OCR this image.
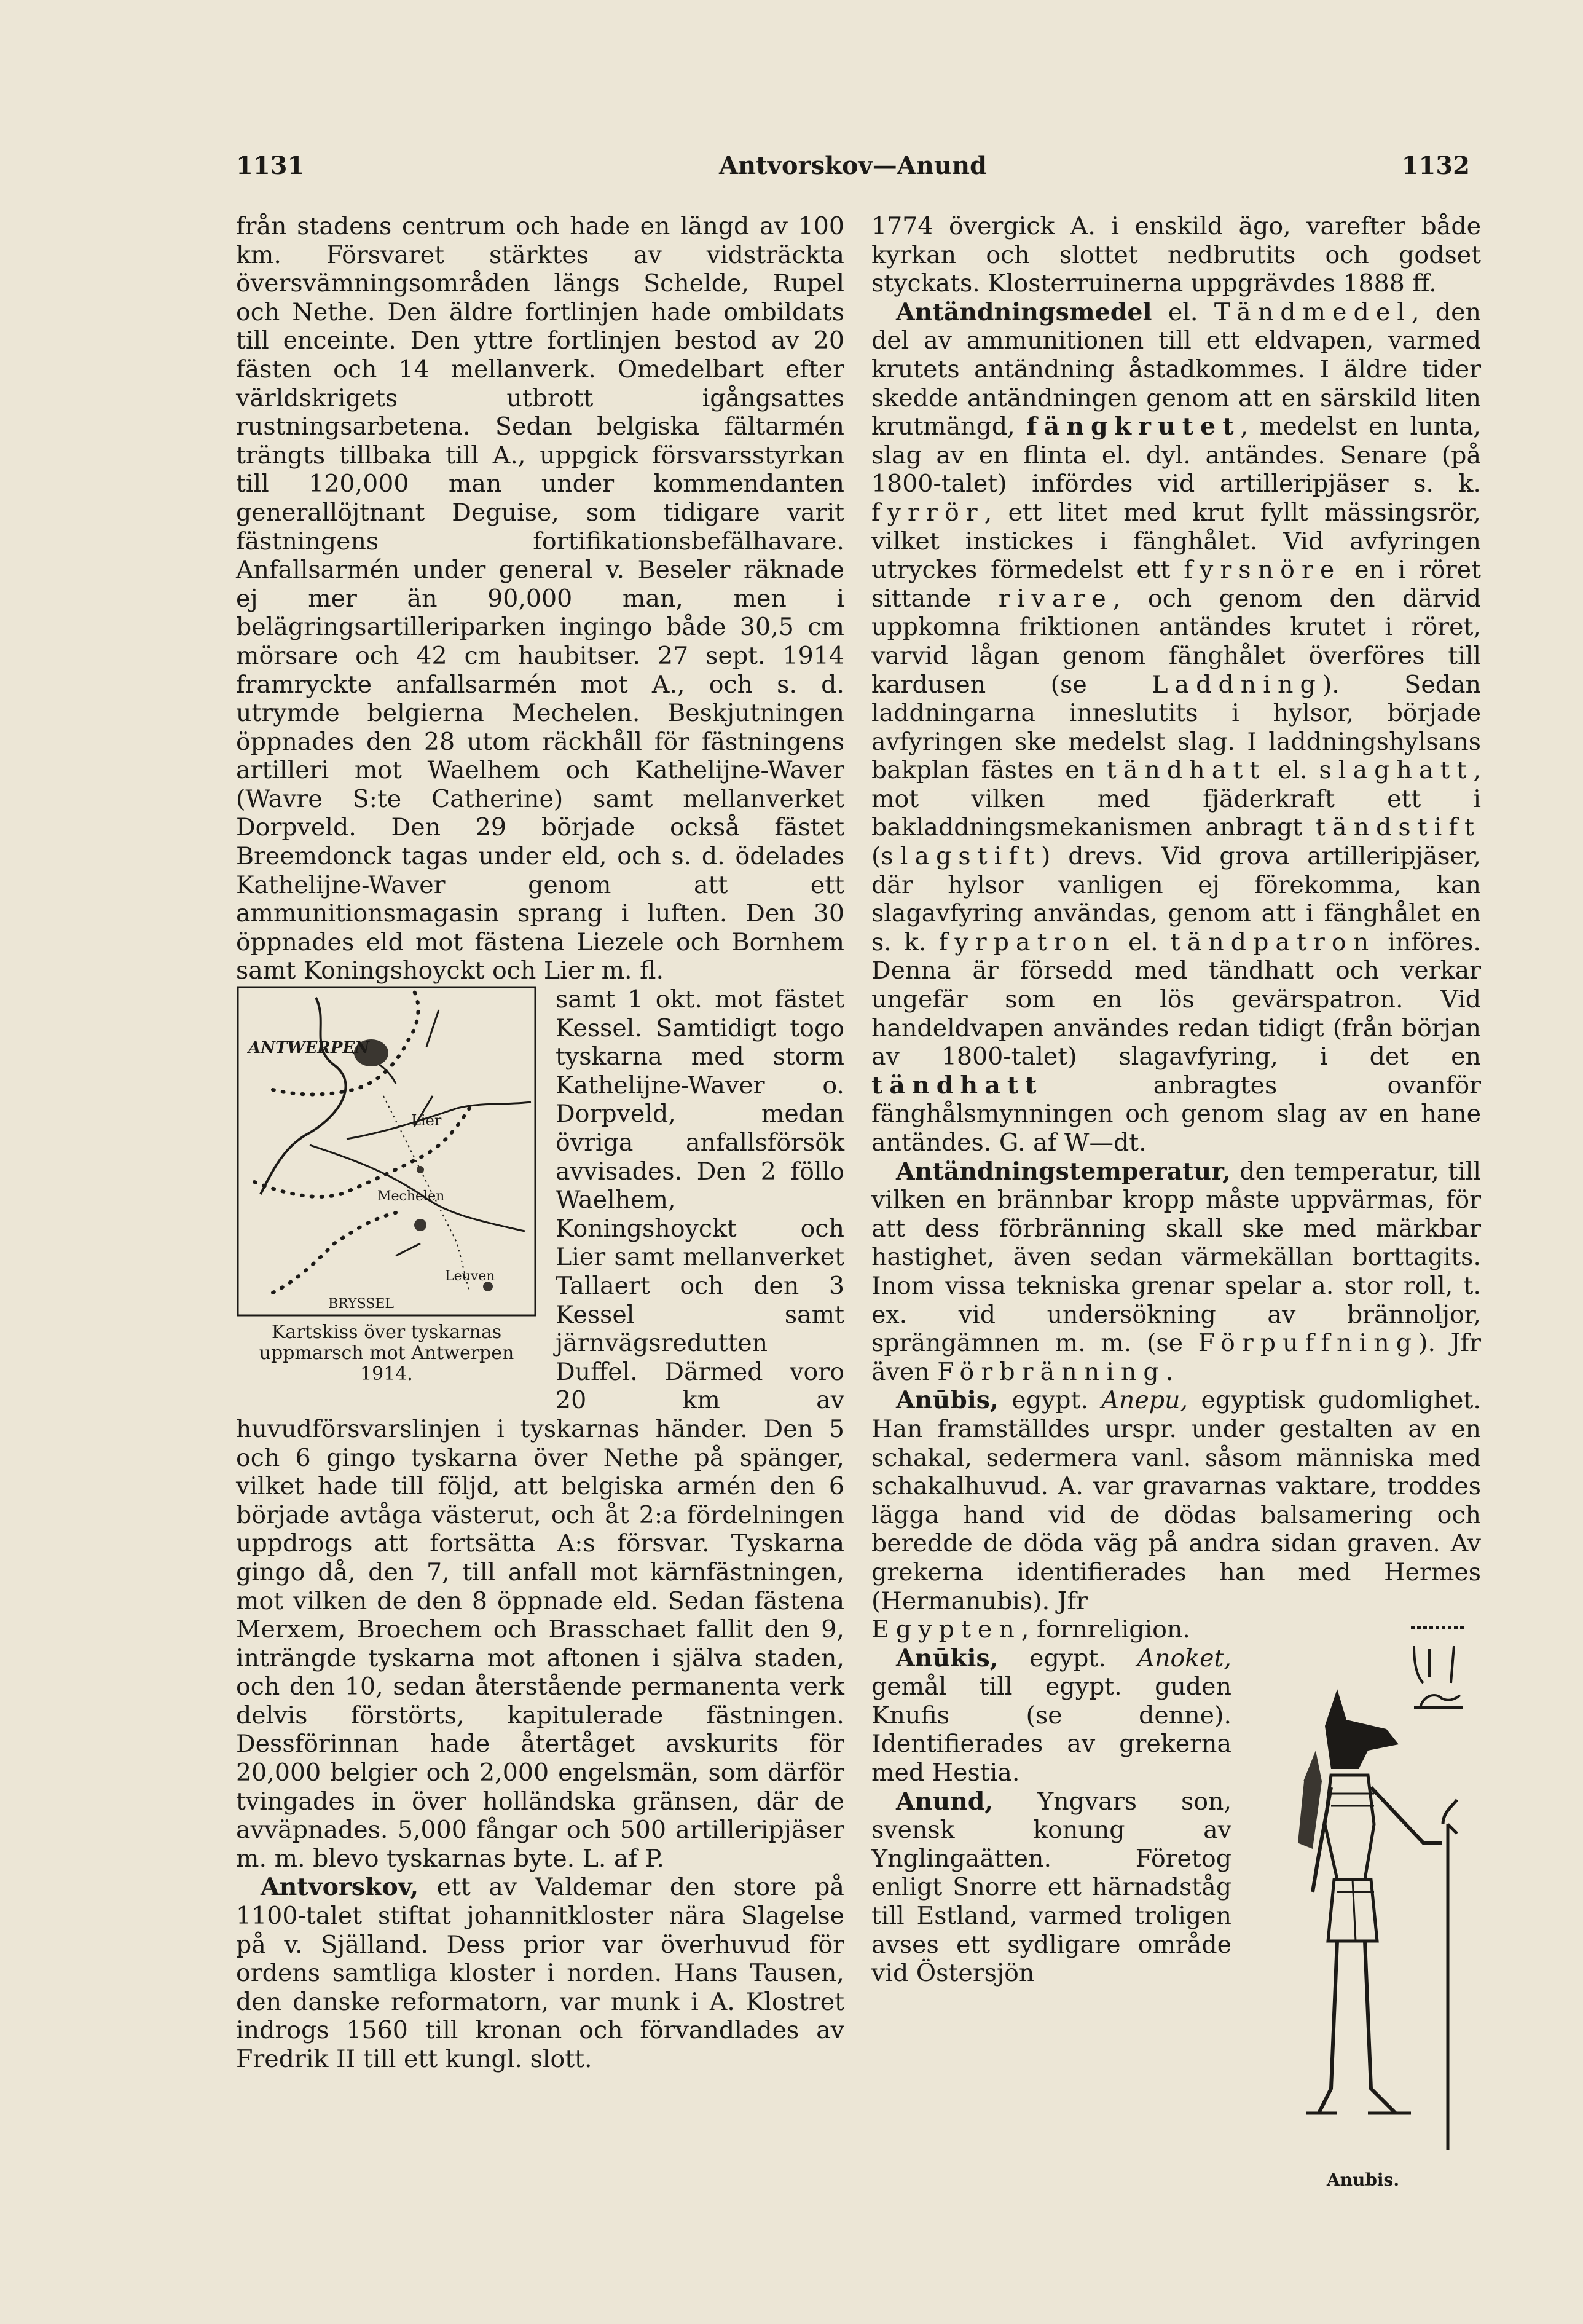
1131	Antvorskov—Anund	1132

från stadens centrum och hade en längd av 100 km. Försvaret stärktes av vidsträckta översvämningsområden längs Schelde, Rupel och Nethe. Den äldre fortlinjen hade ombildats till enceinte. Den yttre fortlinjen bestod av 20 fästen och 14 mellanverk. Omedelbart efter världskrigets utbrott igångsattes rustningsarbetena. Sedan belgiska fältarmén trängts tillbaka till A., uppgick försvarsstyrkan till 120,000 man under kommendanten generallöjtnant Deguise, som tidigare varit fästningens fortifikationsbefälhavare. Anfallsarmén under general v. Beseler räknade ej mer än 90,000 man, men i belägringsartilleriparken ingingo både 30,5 cm mörsare och 42 cm haubitser. 27 sept. 1914 framryckte anfallsarmén mot A., och s. d. utrymde belgierna Mechelen. Beskjutningen öppnades den 28 utom räckhåll för fästningens artilleri mot Waelhem och Kathelijne-Waver (Wavre S:te Catherine) samt mellanverket Dorpveld. Den 29 började också fästet Breemdonck tagas under eld, och s. d. ödelades Kathelijne-Waver genom att ett ammunitionsmagasin sprang i luften. Den 30 öppnades eld mot fästena Liezele och Bornhem samt Koningshoyckt och Lier m. fl.

ANTWERPEN
Lier
Mechelen
Leuven
BRYSSEL
Kartskiss över tyskarnas uppmarsch mot Antwerpen 1914.

samt 1 okt. mot fästet Kessel. Samtidigt togo tyskarna med storm Kathelijne-Waver o. Dorpveld, medan övriga anfallsförsök avvisades. Den 2 föllo Waelhem, Koningshoyckt och Lier samt mellanverket Tallaert och den 3 Kessel samt järnvägsredutten Duffel. Därmed voro 20 km av huvudförsvarslinjen i tyskarnas händer. Den 5 och 6 gingo tyskarna över Nethe på spänger, vilket hade till följd, att belgiska armén den 6 började avtåga västerut, och åt 2:a fördelningen uppdrogs att fortsätta A:s försvar. Tyskarna gingo då, den 7, till anfall mot kärnfästningen, mot vilken de den 8 öppnade eld. Sedan fästena Merxem, Broechem och Brasschaet fallit den 9, inträngde tyskarna mot aftonen i själva staden, och den 10, sedan återstående permanenta verk delvis förstörts, kapitulerade fästningen. Dessförinnan hade återtåget avskurits för 20,000 belgier och 2,000 engelsmän, som därför tvingades in över holländska gränsen, där de avväpnades. 5,000 fångar och 500 artilleripjäser m. m. blevo tyskarnas byte. L. af P.

Antvorskov, ett av Valdemar den store på 1100-talet stiftat johannitkloster nära Slagelse på v. Själland. Dess prior var överhuvud för ordens samtliga kloster i norden. Hans Tausen, den danske reformatorn, var munk i A. Klostret indrogs 1560 till kronan och förvandlades av Fredrik II till ett kungl. slott.

1774 övergick A. i enskild ägo, varefter både kyrkan och slottet nedbrutits och godset styckats. Klosterruinerna uppgrävdes 1888 ff.

Antändningsmedel el. Tändmedel, den del av ammunitionen till ett eldvapen, varmed krutets antändning åstadkommes. I äldre tider skedde antändningen genom att en särskild liten krutmängd, fängkrutet, medelst en lunta, slag av en flinta el. dyl. antändes. Senare (på 1800-talet) infördes vid artilleripjäser s. k. fyrrör, ett litet med krut fyllt mässingsrör, vilket instickes i fänghålet. Vid avfyringen utryckes förmedelst ett fyrsnöre en i röret sittande rivare, och genom den därvid uppkomna friktionen antändes krutet i röret, varvid lågan genom fänghålet överföres till kardusen (se Laddning). Sedan laddningarna inneslutits i hylsor, började avfyringen ske medelst slag. I laddningshylsans bakplan fästes en tändhatt el. slaghatt, mot vilken med fjäderkraft ett i bakladdningsmekanismen anbragt tändstift (slagstift) drevs. Vid grova artilleripjäser, där hylsor vanligen ej förekomma, kan slagavfyring användas, genom att i fänghålet en s. k. fyrpatron el. tändpatron införes. Denna är försedd med tändhatt och verkar ungefär som en lös gevärspatron. Vid handeldvapen användes redan tidigt (från början av 1800-talet) slagavfyring, i det en tändhatt anbragtes ovanför fänghålsmynningen och genom slag av en hane antändes. G. af W—dt.

Antändningstemperatur, den temperatur, till vilken en brännbar kropp måste uppvärmas, för att dess förbränning skall ske med märkbar hastighet, även sedan värmekällan borttagits. Inom vissa tekniska grenar spelar a. stor roll, t. ex. vid undersökning av brännoljor, sprängämnen m. m. (se Förpuffning). Jfr även Förbränning.

Anūbis, egypt. Anepu, egyptisk gudomlighet. Han framställdes urspr. under gestalten av en schakal, sedermera vanl. såsom människa med schakalhuvud. A. var gravarnas vaktare, troddes lägga hand vid de dödas balsamering och beredde de döda väg på andra sidan graven. Av grekerna identifierades han med Hermes (Hermanubis). Jfr

Anubis.

Egypten, fornreligion.

Anūkis, egypt. Anoket, gemål till egypt. guden Knufis (se denne). Identifierades av grekerna med Hestia.

Anund, Yngvars son, svensk konung av Ynglingaätten. Företog enligt Snorre ett härnadståg till Estland, varmed troligen avses ett sydligare område vid Östersjön
